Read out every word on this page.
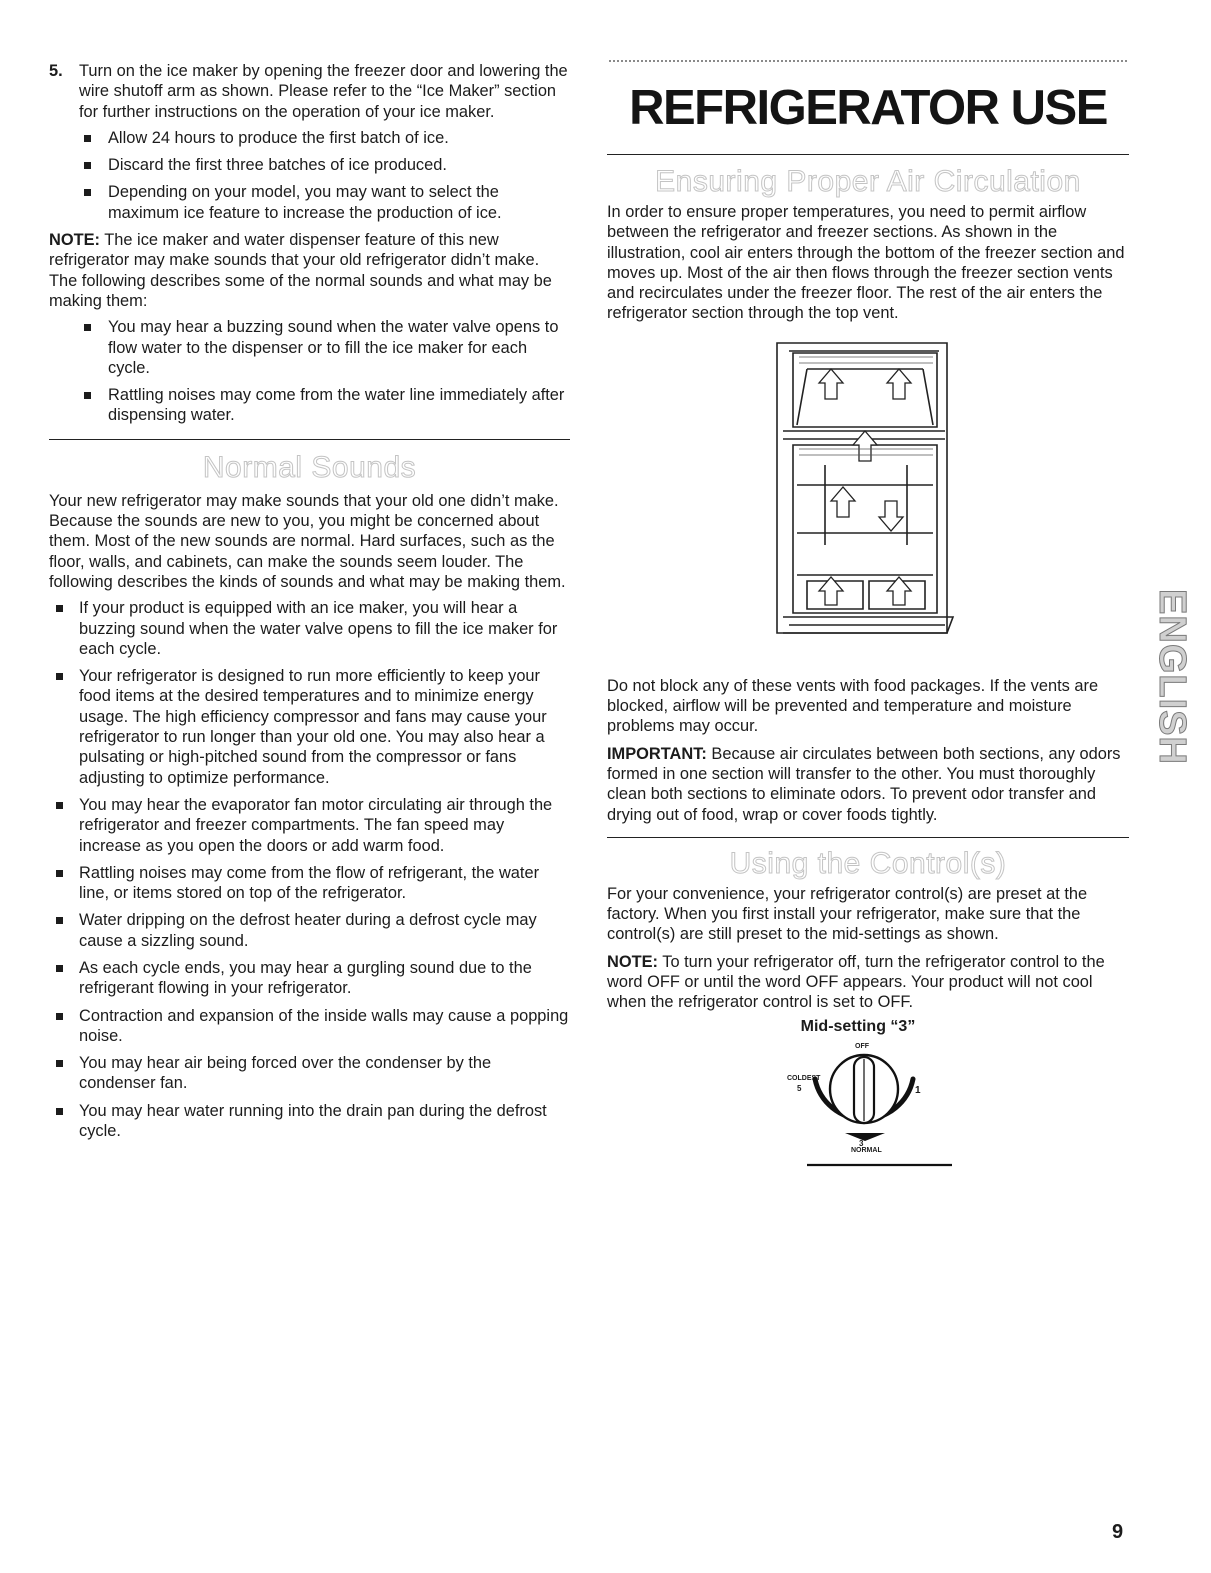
5. Turn on the ice maker by opening the freezer door and lowering the wire shutoff arm as shown. Please refer to the “Ice Maker” section for further instructions on the operation of your ice maker.

Allow 24 hours to produce the first batch of ice.

Discard the first three batches of ice produced.

Depending on your model, you may want to select the maximum ice feature to increase the production of ice.

NOTE: The ice maker and water dispenser feature of this new refrigerator may make sounds that your old refrigerator didn’t make. The following describes some of the normal sounds and what may be making them:

You may hear a buzzing sound when the water valve opens to flow water to the dispenser or to fill the ice maker for each cycle.

Rattling noises may come from the water line immediately after dispensing water.

Normal Sounds

Your new refrigerator may make sounds that your old one didn’t make. Because the sounds are new to you, you might be concerned about them. Most of the new sounds are normal. Hard surfaces, such as the floor, walls, and cabinets, can make the sounds seem louder. The following describes the kinds of sounds and what may be making them.

If your product is equipped with an ice maker, you will hear a buzzing sound when the water valve opens to fill the ice maker for each cycle.

Your refrigerator is designed to run more efficiently to keep your food items at the desired temperatures and to minimize energy usage. The high efficiency compressor and fans may cause your refrigerator to run longer than your old one. You may also hear a pulsating or high-pitched sound from the compressor or fans adjusting to optimize performance.

You may hear the evaporator fan motor circulating air through the refrigerator and freezer compartments. The fan speed may increase as you open the doors or add warm food.

Rattling noises may come from the flow of refrigerant, the water line, or items stored on top of the refrigerator.

Water dripping on the defrost heater during a defrost cycle may cause a sizzling sound.

As each cycle ends, you may hear a gurgling sound due to the refrigerant flowing in your refrigerator.

Contraction and expansion of the inside walls may cause a popping noise.

You may hear air being forced over the condenser by the condenser fan.

You may hear water running into the drain pan during the defrost cycle.

REFRIGERATOR USE
Ensuring Proper Air Circulation

In order to ensure proper temperatures, you need to permit airflow between the refrigerator and freezer sections. As shown in the illustration, cool air enters through the bottom of the freezer section and moves up. Most of the air then flows through the freezer section vents and recirculates under the freezer floor. The rest of the air enters the refrigerator section through the top vent.

Do not block any of these vents with food packages. If the vents are blocked, airflow will be prevented and temperature and moisture problems may occur.

IMPORTANT: Because air circulates between both sections, any odors formed in one section will transfer to the other. You must thoroughly clean both sections to eliminate odors. To prevent odor transfer and drying out of food, wrap or cover foods tightly.

Using the Control(s)

For your convenience, your refrigerator control(s) are preset at the factory. When you first install your refrigerator, make sure that the control(s) are still preset to the mid-settings as shown.

NOTE: To turn your refrigerator off, turn the refrigerator control to the word OFF or until the word OFF appears. Your product will not cool when the refrigerator control is set to OFF.

Mid-setting “3”

OFF
COLDEST
5	1
3
NORMAL
ENGLISH
9
